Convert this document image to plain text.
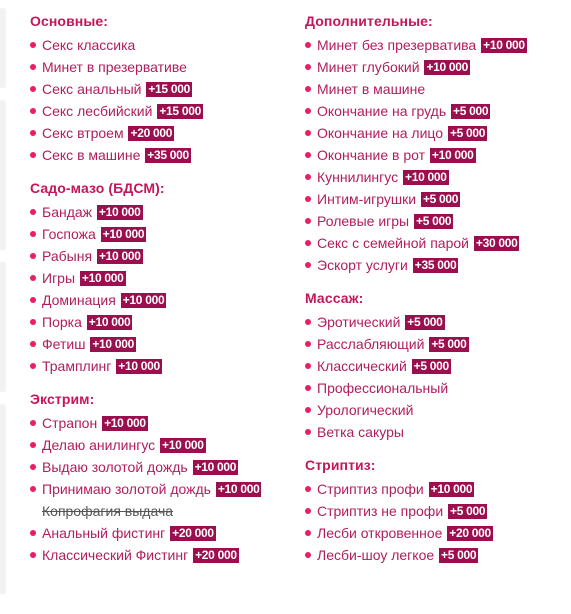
Основные:
Секс классика
Минет в презервативе
Секс анальный +15 000
Секс лесбийский +15 000
Секс втроем +20 000
Секс в машине +35 000
Садо-мазо (БДСМ):
Бандаж +10 000
Госпожа +10 000
Рабыня +10 000
Игры +10 000
Доминация +10 000
Порка +10 000
Фетиш +10 000
Трамплинг +10 000
Экстрим:
Страпон +10 000
Делаю анилингус +10 000
Выдаю золотой дождь +10 000
Принимаю золотой дождь +10 000
Копрофагия выдача
Анальный фистинг +20 000
Классический Фистинг +20 000
Дополнительные:
Минет без презерватива +10 000
Минет глубокий +10 000
Минет в машине
Окончание на грудь +5 000
Окончание на лицо +5 000
Окончание в рот +10 000
Куннилингус +10 000
Интим-игрушки +5 000
Ролевые игры +5 000
Секс с семейной парой +30 000
Эскорт услуги +35 000
Массаж:
Эротический +5 000
Расслабляющий +5 000
Классический +5 000
Профессиональный
Урологический
Ветка сакуры
Стриптиз:
Стриптиз профи +10 000
Стриптиз не профи +5 000
Лесби откровенное +20 000
Лесби-шоу легкое +5 000
